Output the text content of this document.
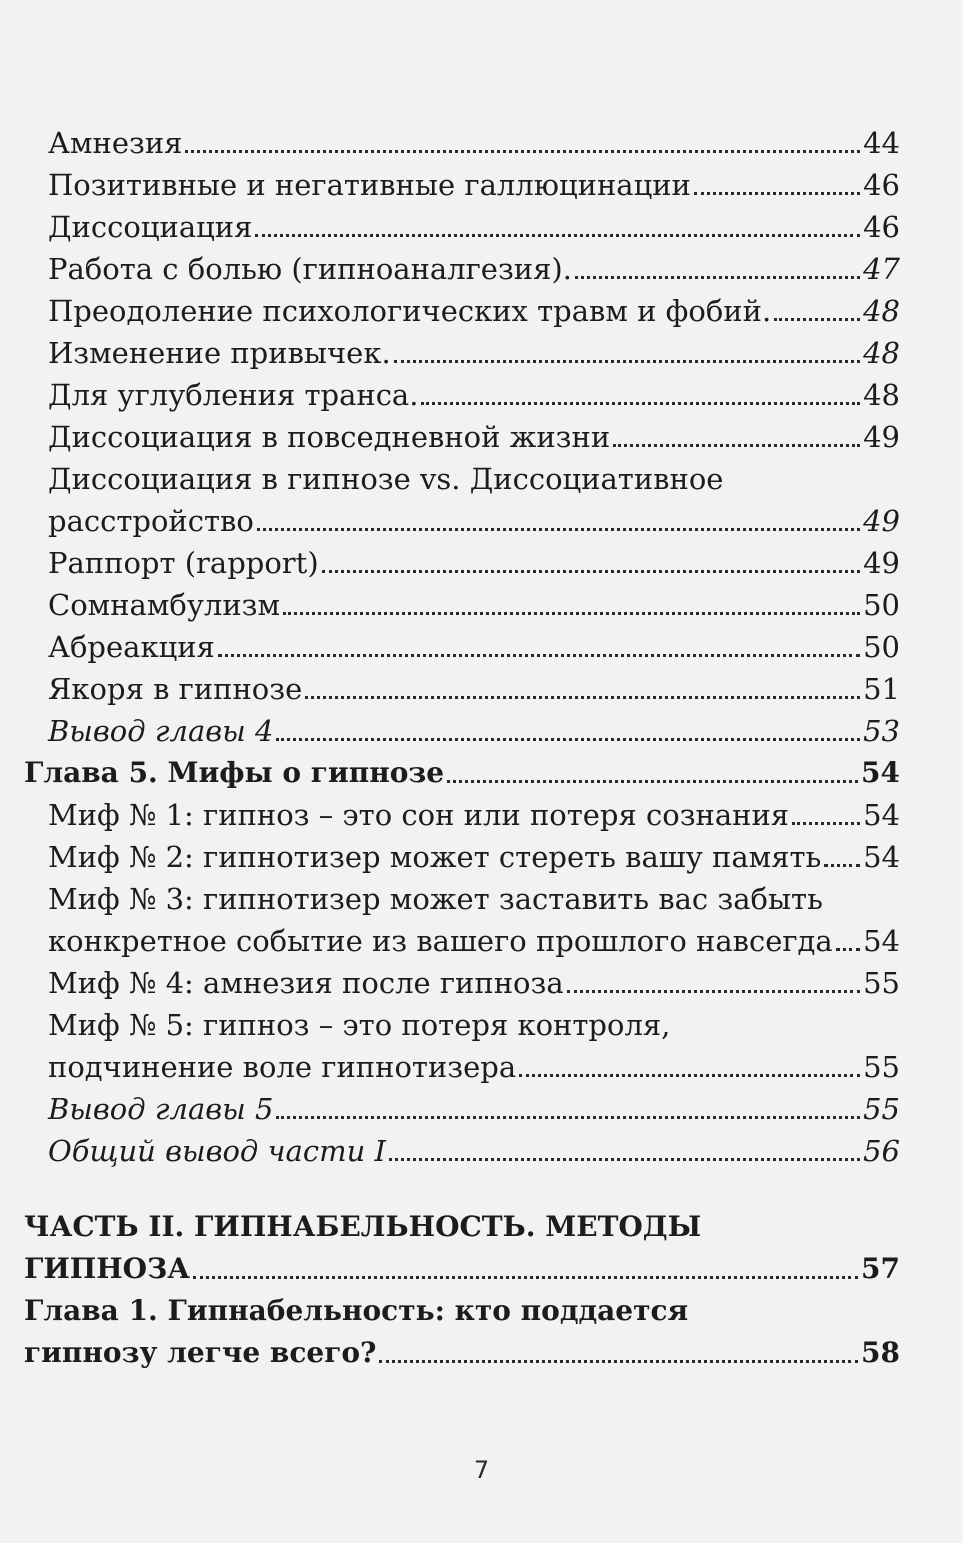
Амнезия	44
Позитивные и негативные галлюцинации	46
Диссоциация	46
Работа с болью (гипноаналгезия).	47
Преодоление психологических травм и фобий.	48
Изменение привычек.	48
Для углубления транса.	48
Диссоциация в повседневной жизни	49
Диссоциация в гипнозе vs. Диссоциативное
расстройство	49
Раппорт (rapport)	49
Сомнамбулизм	50
Абреакция	50
Якоря в гипнозе	51
Вывод главы 4	53
Глава 5. Мифы о гипнозе	54
Миф № 1: гипноз – это сон или потеря сознания	54
Миф № 2: гипнотизер может стереть вашу память 54
Миф № 3: гипнотизер может заставить вас забыть
конкретное событие из вашего прошлого навсегда 54
Миф № 4: амнезия после гипноза	55
Миф № 5: гипноз – это потеря контроля,
подчинение воле гипнотизера	55
Вывод главы 5	55
Общий вывод части I	56
ЧАСТЬ II. ГИПНАБЕЛЬНОСТЬ. МЕТОДЫ
ГИПНОЗА	57
Глава 1. Гипнабельность: кто поддается
гипнозу легче всего?	58
7
